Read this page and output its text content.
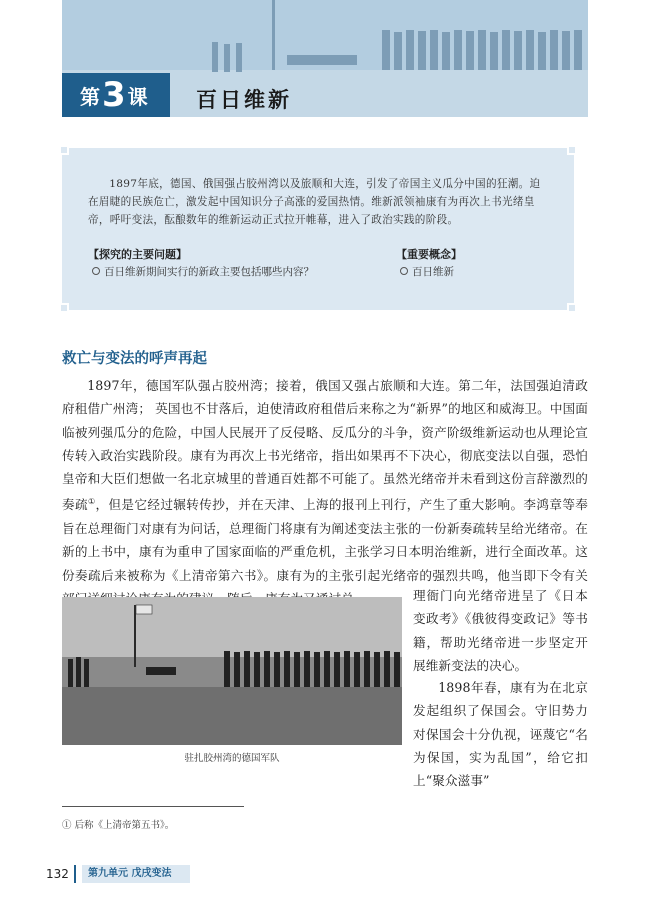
第 3 课 百日维新

1897年底，德国、俄国强占胶州湾以及旅顺和大连，引发了帝国主义瓜分中国的狂潮。迫在眉睫的民族危亡，激发起中国知识分子高涨的爱国热情。维新派领袖康有为再次上书光绪皇帝，呼吁变法，酝酿数年的维新运动正式拉开帷幕，进入了政治实践的阶段。

【探究的主要问题】
百日维新期间实行的新政主要包括哪些内容？
【重要概念】
百日维新
救亡与变法的呼声再起

1897年，德国军队强占胶州湾；接着，俄国又强占旅顺和大连。第二年，法国强迫清政府租借广州湾； 英国也不甘落后，迫使清政府租借后来称之为“新界”的地区和威海卫。中国面临被列强瓜分的危险，中国人民展开了反侵略、反瓜分的斗争，资产阶级维新运动也从理论宣传转入政治实践阶段。康有为再次上书光绪帝，指出如果再不下决心，彻底变法以自强，恐怕皇帝和大臣们想做一名北京城里的普通百姓都不可能了。虽然光绪帝并未看到这份言辞激烈的奏疏①，但是它经过辗转传抄，并在天津、上海的报刊上刊行，产生了重大影响。李鸿章等奉旨在总理衙门对康有为问话，总理衙门将康有为阐述变法主张的一份新奏疏转呈给光绪帝。在新的上书中，康有为重申了国家面临的严重危机，主张学习日本明治维新，进行全面改革。这份奏疏后来被称为《上清帝第六书》。康有为的主张引起光绪帝的强烈共鸣，他当即下令有关

驻扎胶州湾的德国军队

理衙门向光绪帝进呈了《日本变政考》《俄彼得变政记》等书籍，帮助光绪帝进一步坚定开展维新变法的决心。

1898年春，康有为在北京发起组织了保国会。守旧势力对保国会十分仇视，诬蔑它“名为保国，实为乱国”，给它扣上“聚众滋事”

① 后称《上清帝第五书》。
132	第九单元 戊戌变法
